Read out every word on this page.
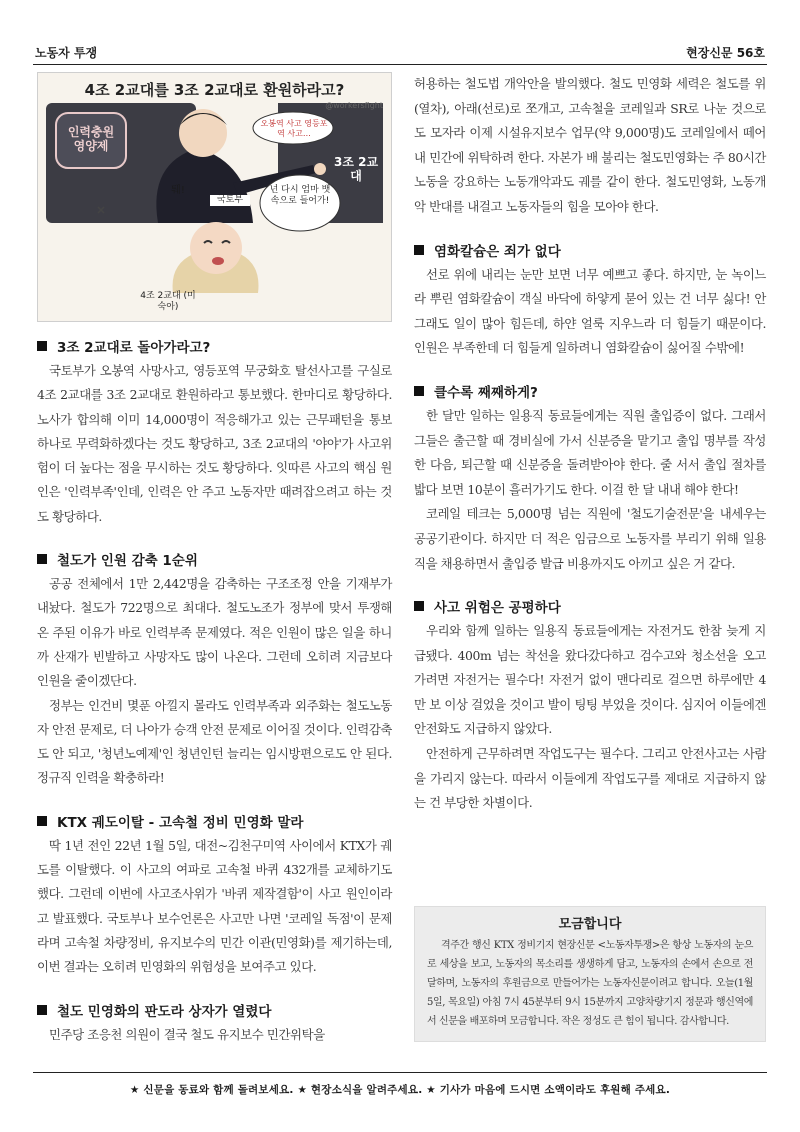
노동자 투쟁	현장신문 56호
4조 2교대를 3조 2교대로 환원하라고?
@workersfight
인력충원 영양제
오봉역 사고 영등포역 사고…
3조 2교대
퉤!
국토부
넌 다시 엄마 뱃속으로 들어가!
4조 2교대 (미숙아)
3조 2교대로 돌아가라고?

국토부가 오봉역 사망사고, 영등포역 무궁화호 탈선사고를 구실로 4조 2교대를 3조 2교대로 환원하라고 통보했다. 한마디로 황당하다. 노사가 합의해 이미 14,000명이 적응해가고 있는 근무패턴을 통보 하나로 무력화하겠다는 것도 황당하고, 3조 2교대의 '야야'가 사고위험이 더 높다는 점을 무시하는 것도 황당하다. 잇따른 사고의 핵심 원인은 '인력부족'인데, 인력은 안 주고 노동자만 때려잡으려고 하는 것도 황당하다.

철도가 인원 감축 1순위

공공 전체에서 1만 2,442명을 감축하는 구조조정 안을 기재부가 내놨다. 철도가 722명으로 최대다. 철도노조가 정부에 맞서 투쟁해온 주된 이유가 바로 인력부족 문제였다. 적은 인원이 많은 일을 하니까 산재가 빈발하고 사망자도 많이 나온다. 그런데 오히려 지금보다 인원을 줄이겠단다.

정부는 인건비 몇푼 아낄지 몰라도 인력부족과 외주화는 철도노동자 안전 문제로, 더 나아가 승객 안전 문제로 이어질 것이다. 인력감축도 안 되고, '청년노예제'인 청년인턴 늘리는 임시방편으로도 안 된다. 정규직 인력을 확충하라!

KTX 궤도이탈 - 고속철 정비 민영화 말라

딱 1년 전인 22년 1월 5일, 대전~김천구미역 사이에서 KTX가 궤도를 이탈했다. 이 사고의 여파로 고속철 바퀴 432개를 교체하기도 했다. 그런데 이번에 사고조사위가 '바퀴 제작결함'이 사고 원인이라고 발표했다. 국토부나 보수언론은 사고만 나면 '코레일 독점'이 문제라며 고속철 차량정비, 유지보수의 민간 이관(민영화)를 제기하는데, 이번 결과는 오히려 민영화의 위험성을 보여주고 있다.

철도 민영화의 판도라 상자가 열렸다

민주당 조응천 의원이 결국 철도 유지보수 민간위탁을

허용하는 철도법 개악안을 발의했다. 철도 민영화 세력은 철도를 위(열차), 아래(선로)로 쪼개고, 고속철을 코레일과 SR로 나눈 것으로도 모자라 이제 시설유지보수 업무(약 9,000명)도 코레일에서 떼어내 민간에 위탁하려 한다. 자본가 배 불리는 철도민영화는 주 80시간 노동을 강요하는 노동개악과도 궤를 같이 한다. 철도민영화, 노동개악 반대를 내걸고 노동자들의 힘을 모아야 한다.

염화칼슘은 죄가 없다

선로 위에 내리는 눈만 보면 너무 예쁘고 좋다. 하지만, 눈 녹이느라 뿌린 염화칼슘이 객실 바닥에 하얗게 묻어 있는 건 너무 싫다! 안 그래도 일이 많아 힘든데, 하얀 얼룩 지우느라 더 힘들기 때문이다. 인원은 부족한데 더 힘들게 일하려니 염화칼슘이 싫어질 수밖에!

클수록 째째하게?

한 달만 일하는 일용직 동료들에게는 직원 출입증이 없다. 그래서 그들은 출근할 때 경비실에 가서 신분증을 맡기고 출입 명부를 작성한 다음, 퇴근할 때 신분증을 돌려받아야 한다. 줄 서서 출입 절차를 밟다 보면 10분이 흘러가기도 한다. 이걸 한 달 내내 해야 한다!

코레일 테크는 5,000명 넘는 직원에 '철도기술전문'을 내세우는 공공기관이다. 하지만 더 적은 임금으로 노동자를 부리기 위해 일용직을 채용하면서 출입증 발급 비용까지도 아끼고 싶은 거 같다.

사고 위험은 공평하다

우리와 함께 일하는 일용직 동료들에게는 자전거도 한참 늦게 지급됐다. 400m 넘는 착선을 왔다갔다하고 검수고와 청소선을 오고 가려면 자전거는 필수다! 자전거 없이 맨다리로 걸으면 하루에만 4만 보 이상 걸었을 것이고 발이 팅팅 부었을 것이다. 심지어 이들에겐 안전화도 지급하지 않았다.

안전하게 근무하려면 작업도구는 필수다. 그리고 안전사고는 사람을 가리지 않는다. 따라서 이들에게 작업도구를 제대로 지급하지 않는 건 부당한 차별이다.

모금합니다

격주간 행신 KTX 정비기지 현장신문 <노동자투쟁>은 항상 노동자의 눈으로 세상을 보고, 노동자의 목소리를 생생하게 담고, 노동자의 손에서 손으로 전달하며, 노동자의 후원금으로 만들어가는 노동자신문이려고 합니다. 오늘(1월 5일, 목요일) 아침 7시 45분부터 9시 15분까지 고양차량기지 정문과 행신역에서 신문을 배포하며 모금합니다. 작은 정성도 큰 힘이 됩니다. 감사합니다.

★ 신문을 동료와 함께 돌려보세요. ★ 현장소식을 알려주세요. ★ 기사가 마음에 드시면 소액이라도 후원해 주세요.
